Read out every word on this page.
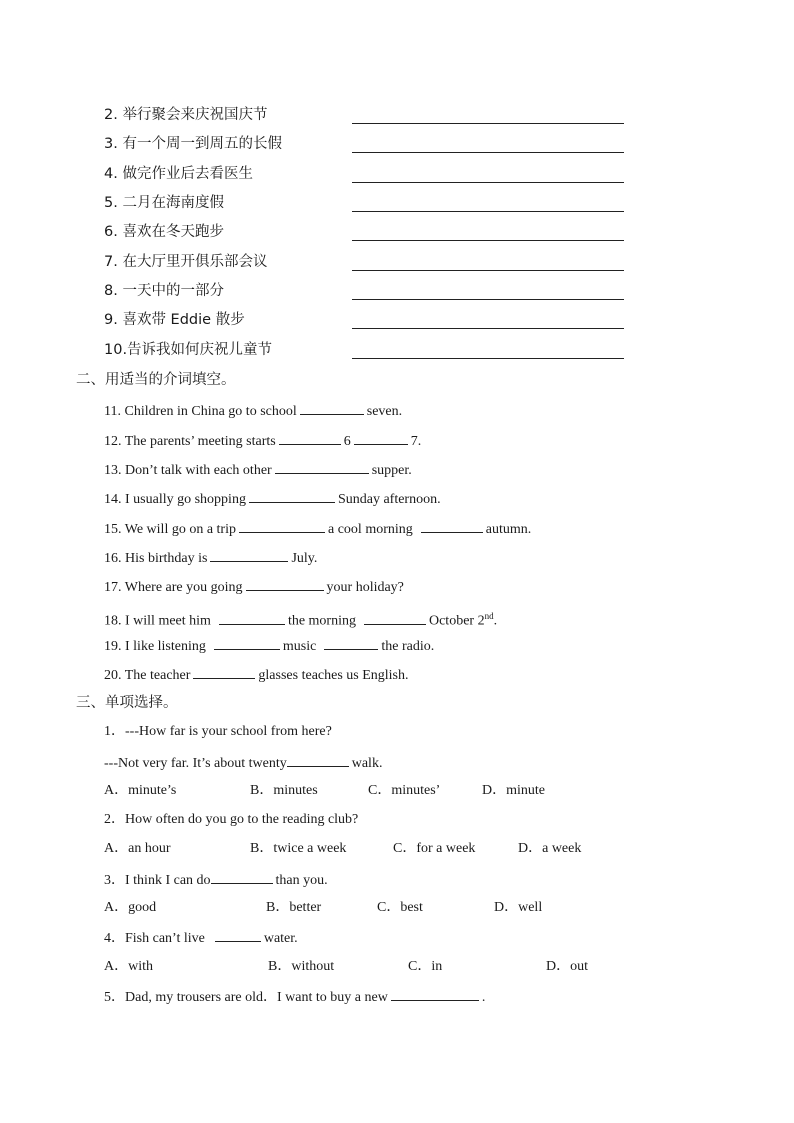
2. 举行聚会来庆祝国庆节
3. 有一个周一到周五的长假
4. 做完作业后去看医生
5. 二月在海南度假
6. 喜欢在冬天跑步
7. 在大厅里开俱乐部会议
8. 一天中的一部分
9. 喜欢带 Eddie 散步
10.告诉我如何庆祝儿童节
二、用适当的介词填空。
11. Children in China go to school	seven.
12. The parents’ meeting starts	6	7.
13. Don’t talk with each other	supper.
14. I usually go shopping	Sunday afternoon.
15. We will go on a trip	a cool morning	autumn.
16. His birthday is	July.
17. Where are you going	your holiday?
18. I will meet him	the morning	October 2nd.
19. I like listening	music	the radio.
20. The teacher	glasses teaches us English.
三、单项选择。
1．---How far is your school from here?
---Not very far. It’s about twenty	walk.
A．minute’s	B．minutes	C．minutes’	D．minute
2．How often do you go to the reading club?
A．an hour	B．twice a week	C．for a week	D．a week
3．I think I can do	than you.
A．good	B．better	C．best	D．well
4．Fish can’t live	water.
A．with	B．without	C．in	D．out
5．Dad, my trousers are old．I want to buy a new	.
